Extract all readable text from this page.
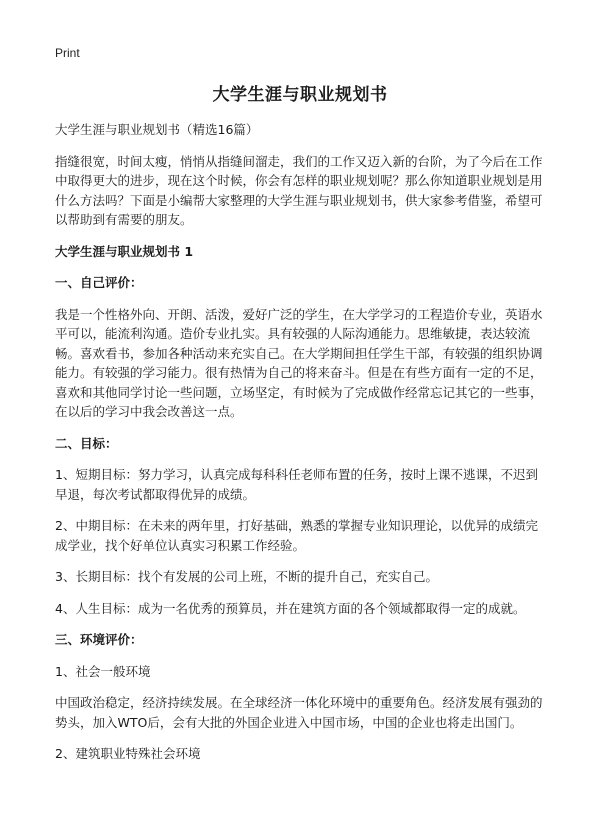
Print
大学生涯与职业规划书

大学生涯与职业规划书（精选16篇）

指缝很宽，时间太瘦，悄悄从指缝间溜走，我们的工作又迈入新的台阶，为了今后在工作中取得更大的进步，现在这个时候，你会有怎样的职业规划呢？那么你知道职业规划是用什么方法吗？下面是小编帮大家整理的大学生涯与职业规划书，供大家参考借鉴，希望可以帮助到有需要的朋友。

大学生涯与职业规划书 1

一、自己评价：

我是一个性格外向、开朗、活泼，爱好广泛的学生，在大学学习的工程造价专业，英语水平可以，能流利沟通。造价专业扎实。具有较强的人际沟通能力。思维敏捷，表达较流畅。喜欢看书，参加各种活动来充实自己。在大学期间担任学生干部，有较强的组织协调能力。有较强的学习能力。很有热情为自己的将来奋斗。但是在有些方面有一定的不足，喜欢和其他同学讨论一些问题，立场坚定，有时候为了完成做作经常忘记其它的一些事，在以后的学习中我会改善这一点。

二、目标：

1、短期目标：努力学习，认真完成每科科任老师布置的任务，按时上课不逃课，不迟到早退，每次考试都取得优异的成绩。

2、中期目标：在未来的两年里，打好基础，熟悉的掌握专业知识理论，以优异的成绩完成学业，找个好单位认真实习积累工作经验。

3、长期目标：找个有发展的公司上班，不断的提升自己，充实自己。

4、人生目标：成为一名优秀的预算员，并在建筑方面的各个领域都取得一定的成就。

三、环境评价：

1、社会一般环境

中国政治稳定，经济持续发展。在全球经济一体化环境中的重要角色。经济发展有强劲的势头，加入WTO后，会有大批的外国企业进入中国市场，中国的企业也将走出国门。

2、建筑职业特殊社会环境
